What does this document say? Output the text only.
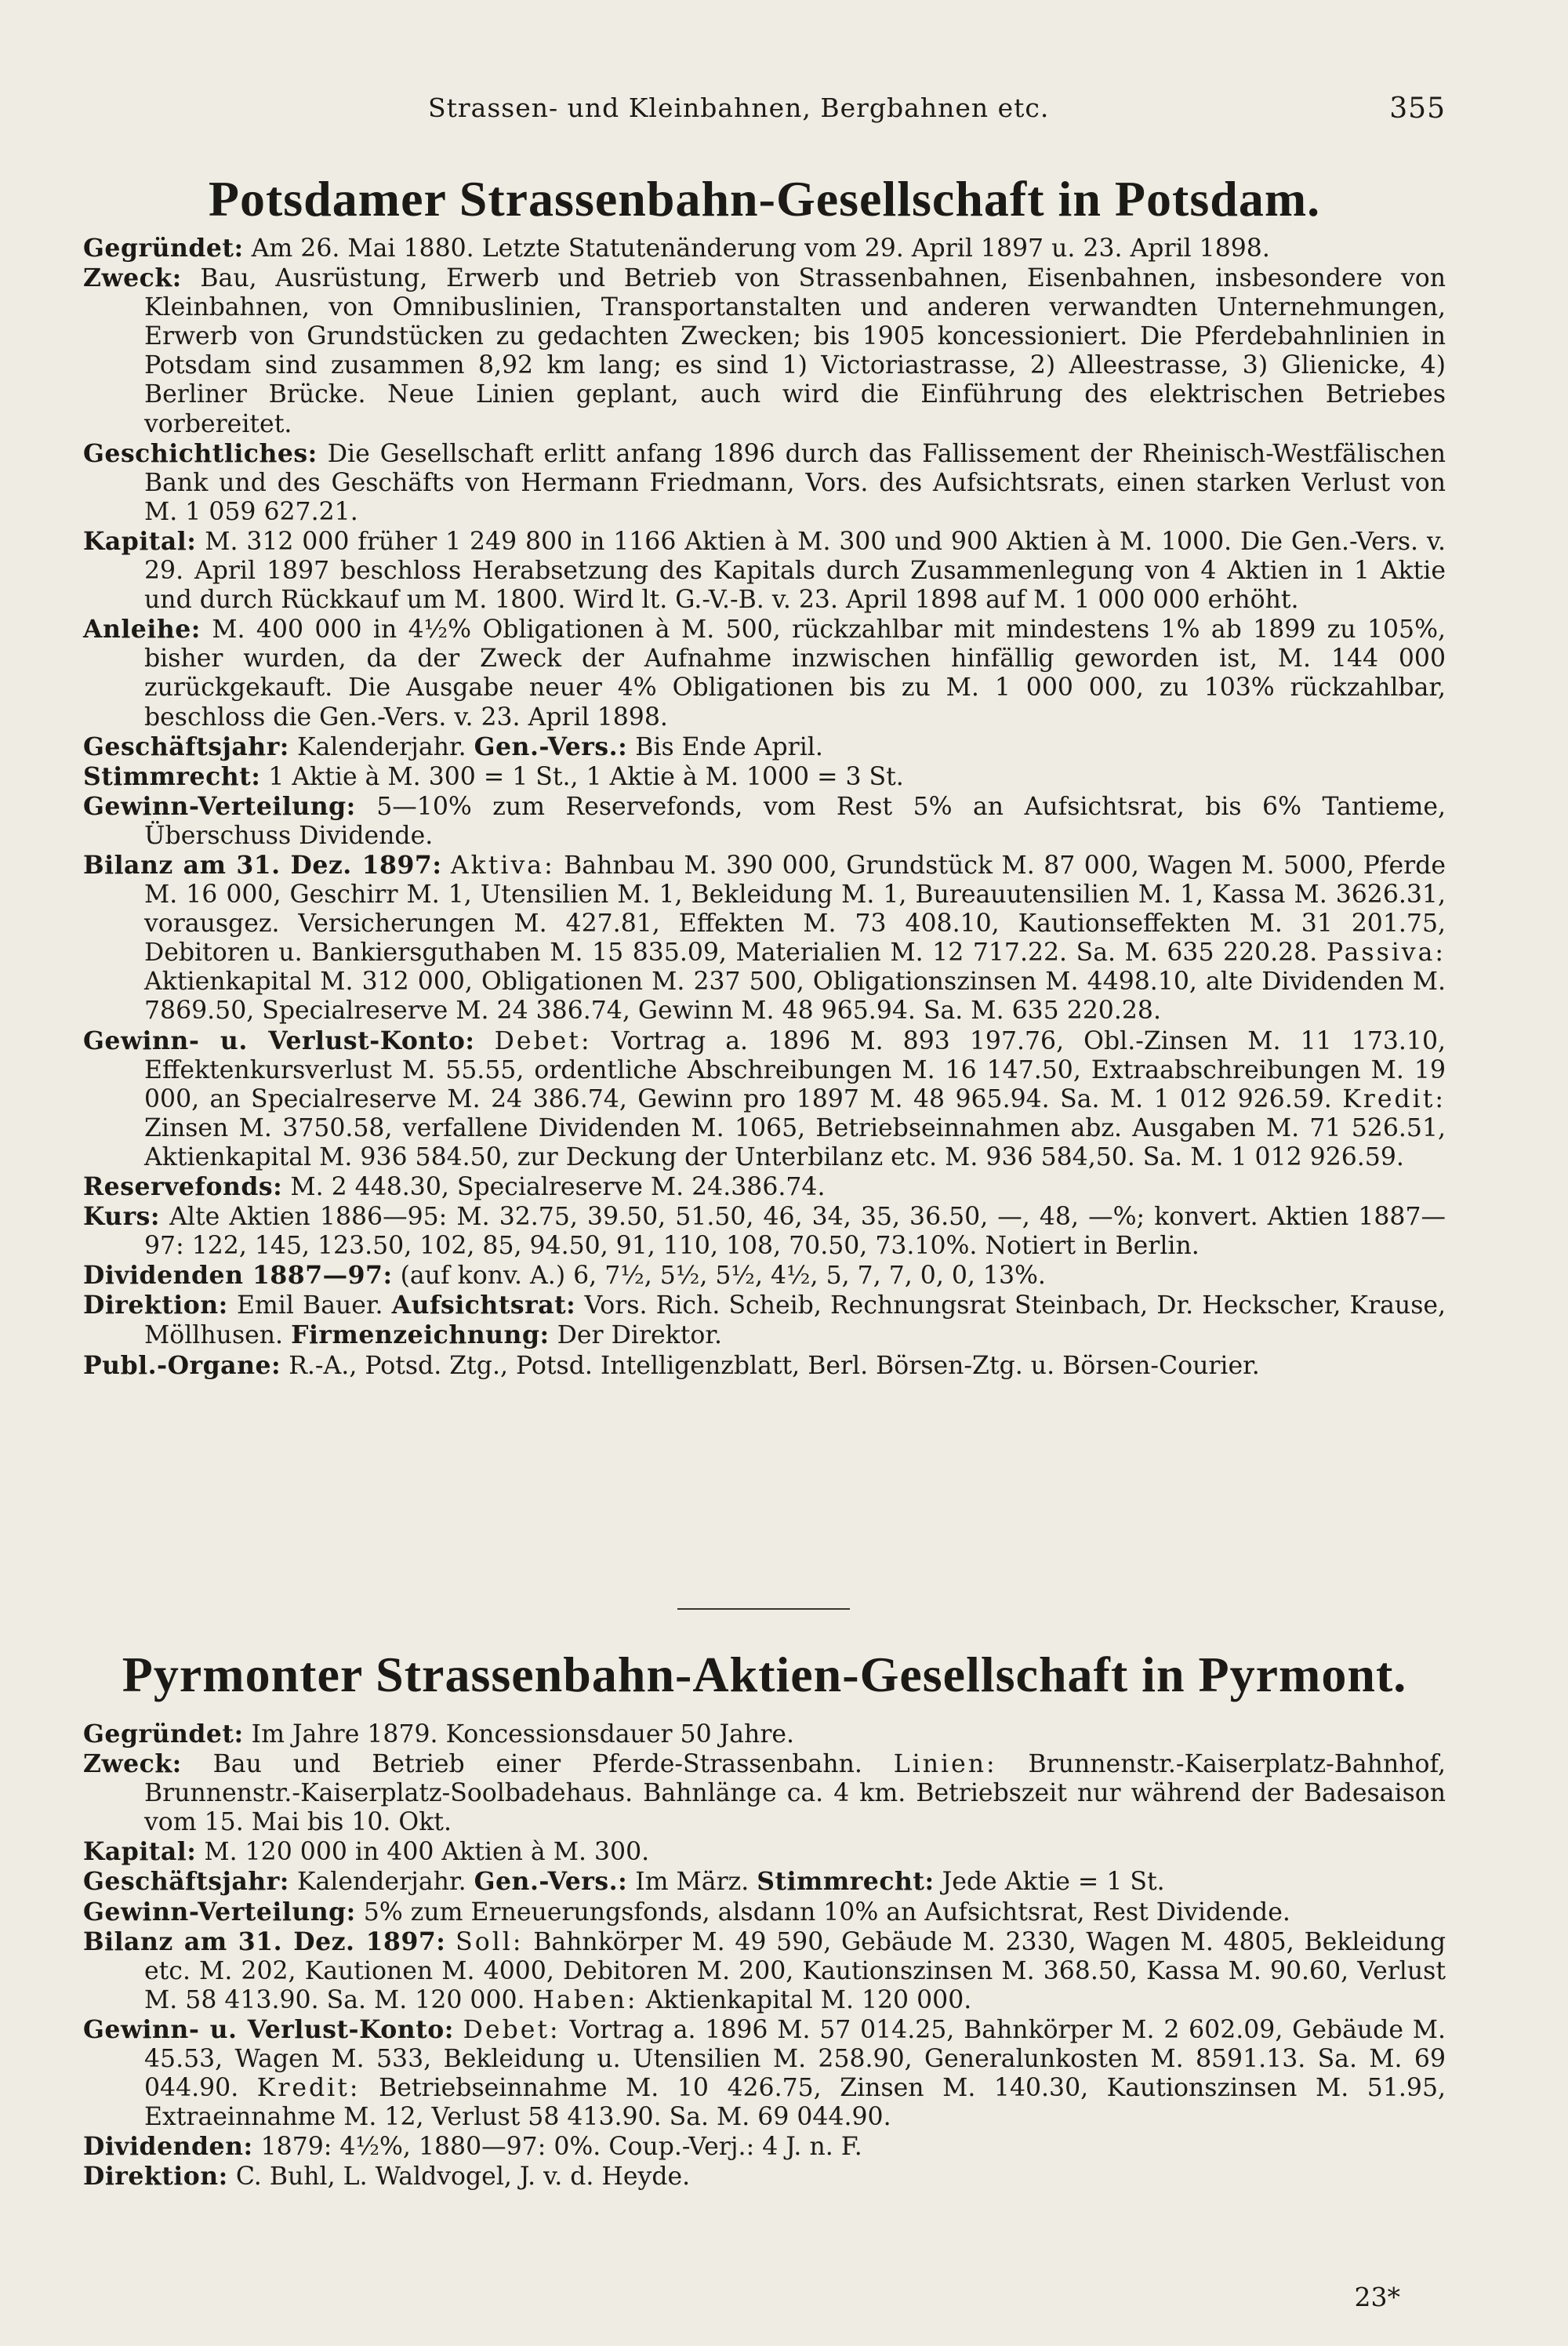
Strassen- und Kleinbahnen, Bergbahnen etc.	355
Potsdamer Strassenbahn-Gesellschaft in Potsdam.

Gegründet: Am 26. Mai 1880. Letzte Statutenänderung vom 29. April 1897 u. 23. April 1898.

Zweck: Bau, Ausrüstung, Erwerb und Betrieb von Strassenbahnen, Eisenbahnen, insbesondere von Kleinbahnen, von Omnibuslinien, Transportanstalten und anderen verwandten Unternehmungen, Erwerb von Grundstücken zu gedachten Zwecken; bis 1905 koncessioniert. Die Pferdebahnlinien in Potsdam sind zusammen 8,92 km lang; es sind 1) Victoriastrasse, 2) Alleestrasse, 3) Glienicke, 4) Berliner Brücke. Neue Linien geplant, auch wird die Einführung des elektrischen Betriebes vorbereitet.

Geschichtliches: Die Gesellschaft erlitt anfang 1896 durch das Fallissement der Rheinisch-Westfälischen Bank und des Geschäfts von Hermann Friedmann, Vors. des Aufsichtsrats, einen starken Verlust von M. 1 059 627.21.

Kapital: M. 312 000 früher 1 249 800 in 1166 Aktien à M. 300 und 900 Aktien à M. 1000. Die Gen.-Vers. v. 29. April 1897 beschloss Herabsetzung des Kapitals durch Zusammenlegung von 4 Aktien in 1 Aktie und durch Rückkauf um M. 1800. Wird lt. G.-V.-B. v. 23. April 1898 auf M. 1 000 000 erhöht.

Anleihe: M. 400 000 in 4½% Obligationen à M. 500, rückzahlbar mit mindestens 1% ab 1899 zu 105%, bisher wurden, da der Zweck der Aufnahme inzwischen hinfällig geworden ist, M. 144 000 zurückgekauft. Die Ausgabe neuer 4% Obligationen bis zu M. 1 000 000, zu 103% rückzahlbar, beschloss die Gen.-Vers. v. 23. April 1898.

Geschäftsjahr: Kalenderjahr. Gen.-Vers.: Bis Ende April.

Stimmrecht: 1 Aktie à M. 300 = 1 St., 1 Aktie à M. 1000 = 3 St.

Gewinn-Verteilung: 5—10% zum Reservefonds, vom Rest 5% an Aufsichtsrat, bis 6% Tantieme, Überschuss Dividende.

Bilanz am 31. Dez. 1897: Aktiva: Bahnbau M. 390 000, Grundstück M. 87 000, Wagen M. 5000, Pferde M. 16 000, Geschirr M. 1, Utensilien M. 1, Bekleidung M. 1, Bureauutensilien M. 1, Kassa M. 3626.31, vorausgez. Versicherungen M. 427.81, Effekten M. 73 408.10, Kautionseffekten M. 31 201.75, Debitoren u. Bankiersguthaben M. 15 835.09, Materialien M. 12 717.22. Sa. M. 635 220.28. Passiva: Aktienkapital M. 312 000, Obligationen M. 237 500, Obligationszinsen M. 4498.10, alte Dividenden M. 7869.50, Specialreserve M. 24 386.74, Gewinn M. 48 965.94. Sa. M. 635 220.28.

Gewinn- u. Verlust-Konto: Debet: Vortrag a. 1896 M. 893 197.76, Obl.-Zinsen M. 11 173.10, Effektenkursverlust M. 55.55, ordentliche Abschreibungen M. 16 147.50, Extraabschreibungen M. 19 000, an Specialreserve M. 24 386.74, Gewinn pro 1897 M. 48 965.94. Sa. M. 1 012 926.59. Kredit: Zinsen M. 3750.58, verfallene Dividenden M. 1065, Betriebseinnahmen abz. Ausgaben M. 71 526.51, Aktienkapital M. 936 584.50, zur Deckung der Unterbilanz etc. M. 936 584,50. Sa. M. 1 012 926.59.

Reservefonds: M. 2 448.30, Specialreserve M. 24.386.74.

Kurs: Alte Aktien 1886—95: M. 32.75, 39.50, 51.50, 46, 34, 35, 36.50, —, 48, —%; konvert. Aktien 1887—97: 122, 145, 123.50, 102, 85, 94.50, 91, 110, 108, 70.50, 73.10%. Notiert in Berlin.

Dividenden 1887—97: (auf konv. A.) 6, 7½, 5½, 5½, 4½, 5, 7, 7, 0, 0, 13%.

Direktion: Emil Bauer. Aufsichtsrat: Vors. Rich. Scheib, Rechnungsrat Steinbach, Dr. Heckscher, Krause, Möllhusen. Firmenzeichnung: Der Direktor.

Publ.-Organe: R.-A., Potsd. Ztg., Potsd. Intelligenzblatt, Berl. Börsen-Ztg. u. Börsen-Courier.

Pyrmonter Strassenbahn-Aktien-Gesellschaft in Pyrmont.

Gegründet: Im Jahre 1879. Koncessionsdauer 50 Jahre.

Zweck: Bau und Betrieb einer Pferde-Strassenbahn. Linien: Brunnenstr.-Kaiserplatz-Bahnhof, Brunnenstr.-Kaiserplatz-Soolbadehaus. Bahnlänge ca. 4 km. Betriebszeit nur während der Badesaison vom 15. Mai bis 10. Okt.

Kapital: M. 120 000 in 400 Aktien à M. 300.

Geschäftsjahr: Kalenderjahr. Gen.-Vers.: Im März. Stimmrecht: Jede Aktie = 1 St.

Gewinn-Verteilung: 5% zum Erneuerungsfonds, alsdann 10% an Aufsichtsrat, Rest Dividende.

Bilanz am 31. Dez. 1897: Soll: Bahnkörper M. 49 590, Gebäude M. 2330, Wagen M. 4805, Bekleidung etc. M. 202, Kautionen M. 4000, Debitoren M. 200, Kautionszinsen M. 368.50, Kassa M. 90.60, Verlust M. 58 413.90. Sa. M. 120 000. Haben: Aktienkapital M. 120 000.

Gewinn- u. Verlust-Konto: Debet: Vortrag a. 1896 M. 57 014.25, Bahnkörper M. 2 602.09, Gebäude M. 45.53, Wagen M. 533, Bekleidung u. Utensilien M. 258.90, Generalunkosten M. 8591.13. Sa. M. 69 044.90. Kredit: Betriebseinnahme M. 10 426.75, Zinsen M. 140.30, Kautionszinsen M. 51.95, Extraeinnahme M. 12, Verlust 58 413.90. Sa. M. 69 044.90.

Dividenden: 1879: 4½%, 1880—97: 0%. Coup.-Verj.: 4 J. n. F.

Direktion: C. Buhl, L. Waldvogel, J. v. d. Heyde.

23*
